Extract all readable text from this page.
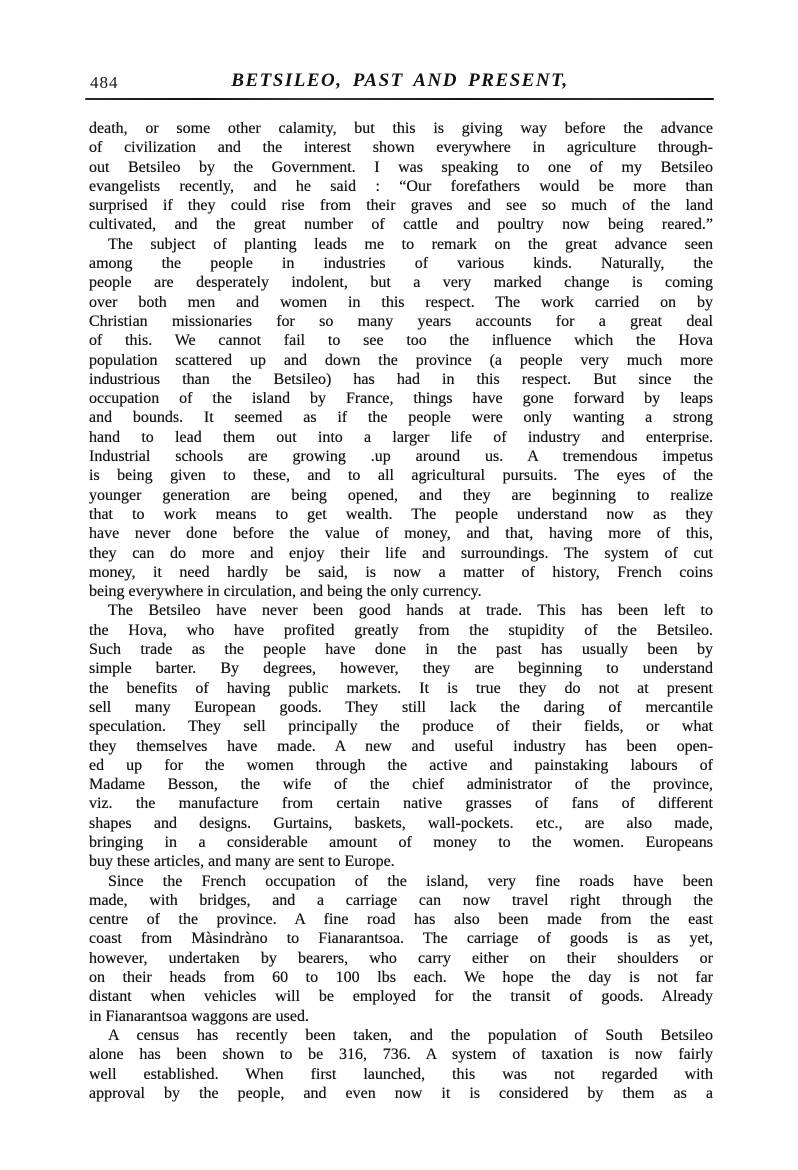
484	BETSILEO, PAST AND PRESENT,
death, or some other calamity, but this is giving way before the advance
of civilization and the interest shown everywhere in agriculture through-
out Betsileo by the Government. I was speaking to one of my Betsileo
evangelists recently, and he said : “Our forefathers would be more than
surprised if they could rise from their graves and see so much of the land
cultivated, and the great number of cattle and poultry now being reared.”
The subject of planting leads me to remark on the great advance seen
among the people in industries of various kinds. Naturally, the
people are desperately indolent, but a very marked change is coming
over both men and women in this respect. The work carried on by
Christian missionaries for so many years accounts for a great deal
of this. We cannot fail to see too the influence which the Hova
population scattered up and down the province (a people very much more
industrious than the Betsileo) has had in this respect. But since the
occupation of the island by France, things have gone forward by leaps
and bounds. It seemed as if the people were only wanting a strong
hand to lead them out into a larger life of industry and enterprise.
Industrial schools are growing .up around us. A tremendous impetus
is being given to these, and to all agricultural pursuits. The eyes of the
younger generation are being opened, and they are beginning to realize
that to work means to get wealth. The people understand now as they
have never done before the value of money, and that, having more of this,
they can do more and enjoy their life and surroundings. The system of cut
money, it need hardly be said, is now a matter of history, French coins
being everywhere in circulation, and being the only currency.
The Betsileo have never been good hands at trade. This has been left to
the Hova, who have profited greatly from the stupidity of the Betsileo.
Such trade as the people have done in the past has usually been by
simple barter. By degrees, however, they are beginning to understand
the benefits of having public markets. It is true they do not at present
sell many European goods. They still lack the daring of mercantile
speculation. They sell principally the produce of their fields, or what
they themselves have made. A new and useful industry has been open-
ed up for the women through the active and painstaking labours of
Madame Besson, the wife of the chief administrator of the province,
viz. the manufacture from certain native grasses of fans of different
shapes and designs. Gurtains, baskets, wall-pockets. etc., are also made,
bringing in a considerable amount of money to the women. Europeans
buy these articles, and many are sent to Europe.
Since the French occupation of the island, very fine roads have been
made, with bridges, and a carriage can now travel right through the
centre of the province. A fine road has also been made from the east
coast from Màsindràno to Fianarantsoa. The carriage of goods is as yet,
however, undertaken by bearers, who carry either on their shoulders or
on their heads from 60 to 100 lbs each. We hope the day is not far
distant when vehicles will be employed for the transit of goods. Already
in Fianarantsoa waggons are used.
A census has recently been taken, and the population of South Betsileo
alone has been shown to be 316, 736. A system of taxation is now fairly
well established. When first launched, this was not regarded with
approval by the people, and even now it is considered by them as a
